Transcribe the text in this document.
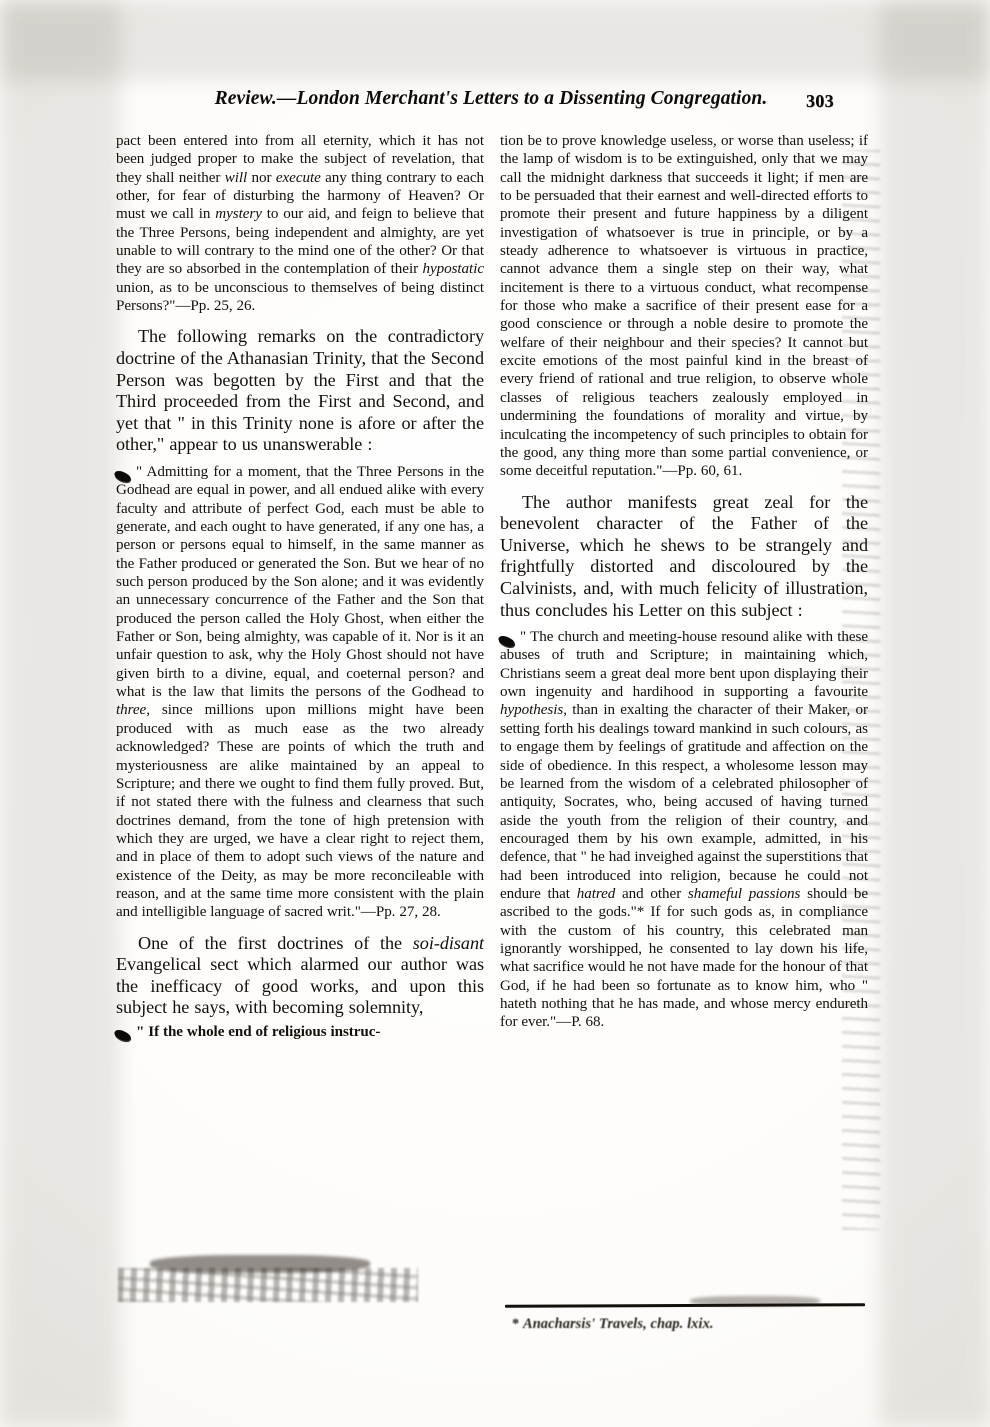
Review.—London Merchant's Letters to a Dissenting Congregation.	303

pact been entered into from all eternity, which it has not been judged proper to make the subject of revelation, that they shall neither will nor execute any thing contrary to each other, for fear of disturbing the harmony of Heaven? Or must we call in mystery to our aid, and feign to believe that the Three Persons, being independent and almighty, are yet unable to will contrary to the mind one of the other? Or that they are so absorbed in the contemplation of their hypostatic union, as to be unconscious to themselves of being distinct Persons?"—Pp. 25, 26.

The following remarks on the contradictory doctrine of the Athanasian Trinity, that the Second Person was begotten by the First and that the Third proceeded from the First and Second, and yet that " in this Trinity none is afore or after the other," appear to us unanswerable :

" Admitting for a moment, that the Three Persons in the Godhead are equal in power, and all endued alike with every faculty and attribute of perfect God, each must be able to generate, and each ought to have generated, if any one has, a person or persons equal to himself, in the same manner as the Father produced or generated the Son. But we hear of no such person produced by the Son alone; and it was evidently an unnecessary concurrence of the Father and the Son that produced the person called the Holy Ghost, when either the Father or Son, being almighty, was capable of it. Nor is it an unfair question to ask, why the Holy Ghost should not have given birth to a divine, equal, and coeternal person? and what is the law that limits the persons of the Godhead to three, since millions upon millions might have been produced with as much ease as the two already acknowledged? These are points of which the truth and mysteriousness are alike maintained by an appeal to Scripture; and there we ought to find them fully proved. But, if not stated there with the fulness and clearness that such doctrines demand, from the tone of high pretension with which they are urged, we have a clear right to reject them, and in place of them to adopt such views of the nature and existence of the Deity, as may be more reconcileable with reason, and at the same time more consistent with the plain and intelligible language of sacred writ."—Pp. 27, 28.

One of the first doctrines of the soi-disant Evangelical sect which alarmed our author was the inefficacy of good works, and upon this subject he says, with becoming solemnity,

" If the whole end of religious instruc-

tion be to prove knowledge useless, or worse than useless; if the lamp of wisdom is to be extinguished, only that we may call the midnight darkness that succeeds it light; if men are to be persuaded that their earnest and well-directed efforts to promote their present and future happiness by a diligent investigation of whatsoever is true in principle, or by a steady adherence to whatsoever is virtuous in practice, cannot advance them a single step on their way, what incitement is there to a virtuous conduct, what recompense for those who make a sacrifice of their present ease for a good conscience or through a noble desire to promote the welfare of their neighbour and their species? It cannot but excite emotions of the most painful kind in the breast of every friend of rational and true religion, to observe whole classes of religious teachers zealously employed in undermining the foundations of morality and virtue, by inculcating the incompetency of such principles to obtain for the good, any thing more than some partial convenience, or some deceitful reputation."—Pp. 60, 61.

The author manifests great zeal for the benevolent character of the Father of the Universe, which he shews to be strangely and frightfully distorted and discoloured by the Calvinists, and, with much felicity of illustration, thus concludes his Letter on this subject :

" The church and meeting-house resound alike with these abuses of truth and Scripture; in maintaining which, Christians seem a great deal more bent upon displaying their own ingenuity and hardihood in supporting a favourite hypothesis, than in exalting the character of their Maker, or setting forth his dealings toward mankind in such colours, as to engage them by feelings of gratitude and affection on the side of obedience. In this respect, a wholesome lesson may be learned from the wisdom of a celebrated philosopher of antiquity, Socrates, who, being accused of having turned aside the youth from the religion of their country, and encouraged them by his own example, admitted, in his defence, that " he had inveighed against the superstitions that had been introduced into religion, because he could not endure that hatred and other shameful passions should be ascribed to the gods."* If for such gods as, in compliance with the custom of his country, this celebrated man ignorantly worshipped, he consented to lay down his life, what sacrifice would he not have made for the honour of that God, if he had been so fortunate as to know him, who " hateth nothing that he has made, and whose mercy endureth for ever."—P. 68.

* Anacharsis' Travels, chap. lxix.
